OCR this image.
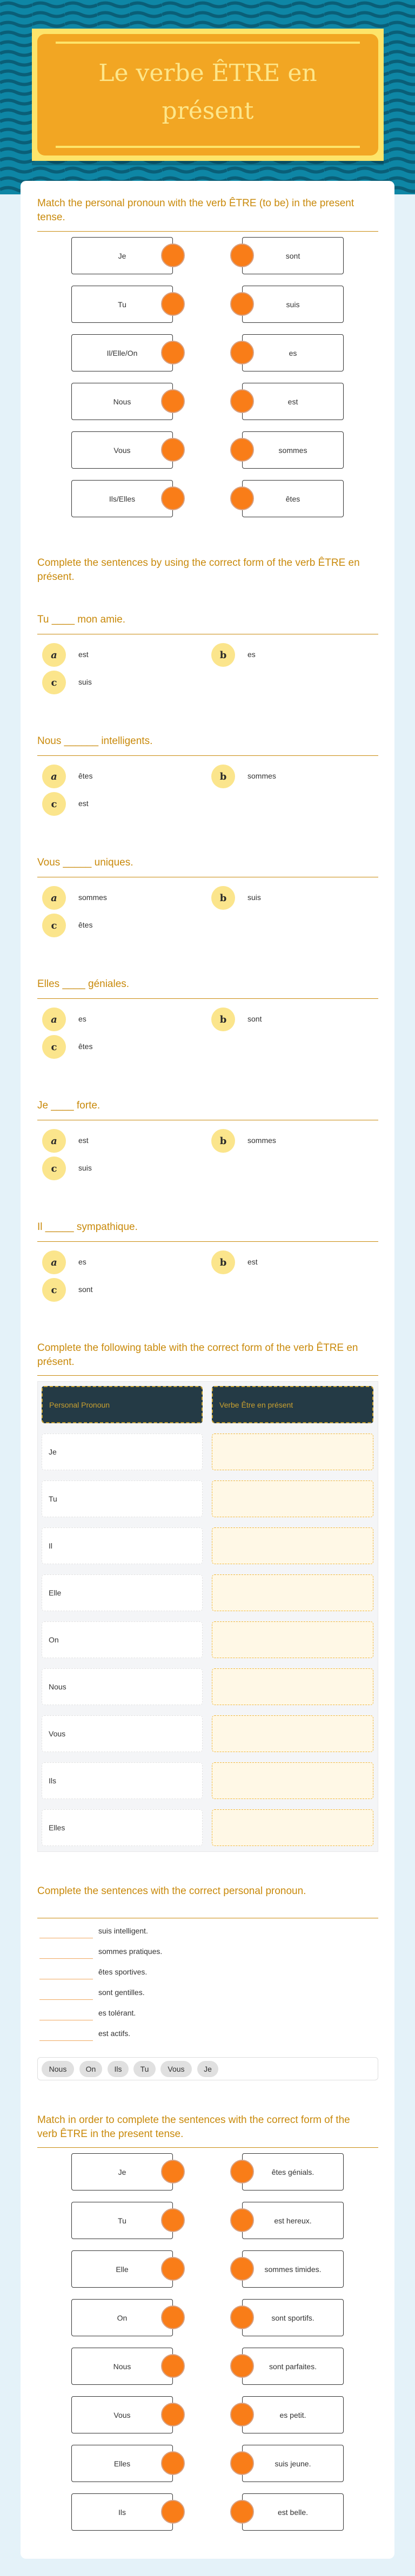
Le verbe ÊTRE en
présent
Match the personal pronoun with the verb ÊTRE (to be) in the present tense.
Je	sont
Tu	suis
Il/Elle/On	es
Nous	est
Vous	sommes
Ils/Elles	êtes
Complete the sentences by using the correct form of the verb ÊTRE en présent.
Tu ____ mon amie.
a	est	b	es
c	suis
Nous ______ intelligents.
a	êtes	b	sommes
c	est
Vous _____ uniques.
a	sommes	b	suis
c	êtes
Elles ____ géniales.
a	es	b	sont
c	êtes
Je ____ forte.
a	est	b	sommes
c	suis
Il _____ sympathique.
a	es	b	est
c	sont
Complete the following table with the correct form of the verb ÊTRE en présent.
Personal Pronoun	Verbe Être en présent
Je
Tu
Il
Elle
On
Nous
Vous
Ils
Elles
Complete the sentences with the correct personal pronoun.
suis intelligent.
sommes pratiques.
êtes sportives.
sont gentilles.
es tolérant.
est actifs.
Nous	On	Ils	Tu	Vous	Je
Match in order to complete the sentences with the correct form of the verb ÊTRE in the present tense.
Je	êtes génials.
Tu	est hereux.
Elle	sommes timides.
On	sont sportifs.
Nous	sont parfaites.
Vous	es petit.
Elles	suis jeune.
Ils	est belle.
